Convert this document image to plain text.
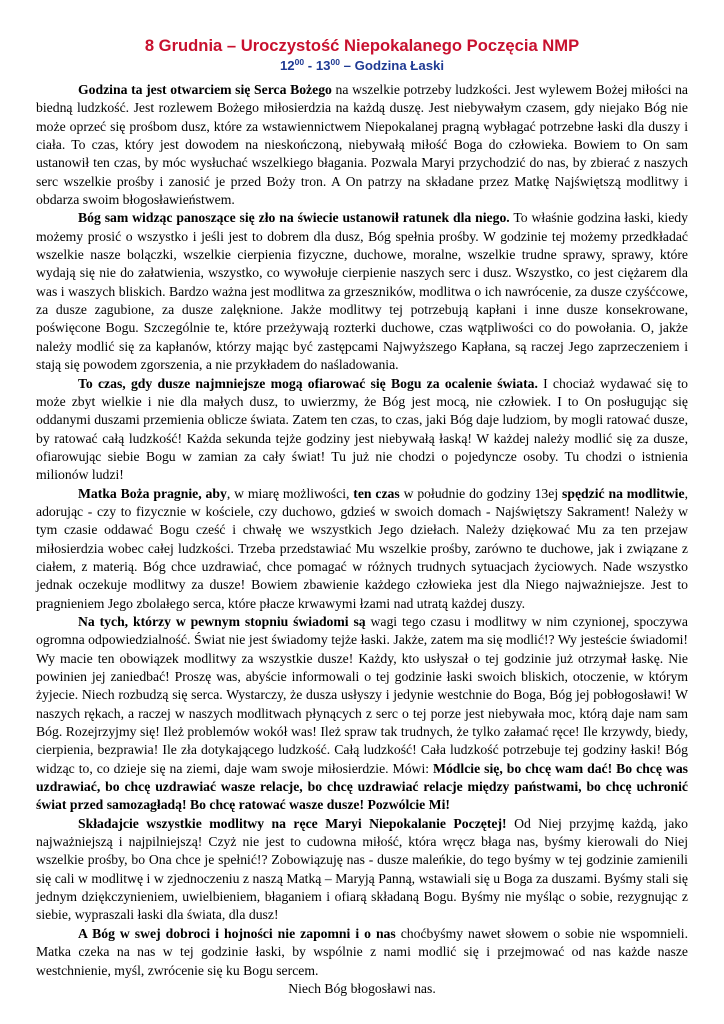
8 Grudnia – Uroczystość Niepokalanego Poczęcia NMP
$12^{00} - 13^{00}$ – Godzina Łaski

Godzina ta jest otwarciem się Serca Bożego na wszelkie potrzeby ludzkości. Jest wylewem Bożej miłości na biedną ludzkość. Jest rozlewem Bożego miłosierdzia na każdą duszę. Jest niebywałym czasem, gdy niejako Bóg nie może oprzeć się prośbom dusz, które za wstawiennictwem Niepokalanej pragną wybłagać potrzebne łaski dla duszy i ciała. To czas, który jest dowodem na nieskończoną, niebywałą miłość Boga do człowieka. Bowiem to On sam ustanowił ten czas, by móc wysłuchać wszelkiego błagania. Pozwala Maryi przychodzić do nas, by zbierać z naszych serc wszelkie prośby i zanosić je przed Boży tron. A On patrzy na składane przez Matkę Najświętszą modlitwy i obdarza swoim błogosławieństwem.

Bóg sam widząc panoszące się zło na świecie ustanowił ratunek dla niego. To właśnie godzina łaski, kiedy możemy prosić o wszystko i jeśli jest to dobrem dla dusz, Bóg spełnia prośby. W godzinie tej możemy przedkładać wszelkie nasze bolączki, wszelkie cierpienia fizyczne, duchowe, moralne, wszelkie trudne sprawy, sprawy, które wydają się nie do załatwienia, wszystko, co wywołuje cierpienie naszych serc i dusz. Wszystko, co jest ciężarem dla was i waszych bliskich. Bardzo ważna jest modlitwa za grzeszników, modlitwa o ich nawrócenie, za dusze czyśćcowe, za dusze zagubione, za dusze zalęknione. Jakże modlitwy tej potrzebują kapłani i inne dusze konsekrowane, poświęcone Bogu. Szczególnie te, które przeżywają rozterki duchowe, czas wątpliwości co do powołania. O, jakże należy modlić się za kapłanów, którzy mając być zastępcami Najwyższego Kapłana, są raczej Jego zaprzeczeniem i stają się powodem zgorszenia, a nie przykładem do naśladowania.

To czas, gdy dusze najmniejsze mogą ofiarować się Bogu za ocalenie świata. I chociaż wydawać się to może zbyt wielkie i nie dla małych dusz, to uwierzmy, że Bóg jest mocą, nie człowiek. I to On posługując się oddanymi duszami przemienia oblicze świata. Zatem ten czas, to czas, jaki Bóg daje ludziom, by mogli ratować dusze, by ratować całą ludzkość! Każda sekunda tejże godziny jest niebywałą łaską! W każdej należy modlić się za dusze, ofiarowując siebie Bogu w zamian za cały świat! Tu już nie chodzi o pojedyncze osoby. Tu chodzi o istnienia milionów ludzi!

Matka Boża pragnie, aby, w miarę możliwości, ten czas w południe do godziny 13ej spędzić na modlitwie, adorując - czy to fizycznie w kościele, czy duchowo, gdzieś w swoich domach - Najświętszy Sakrament! Należy w tym czasie oddawać Bogu cześć i chwałę we wszystkich Jego dziełach. Należy dziękować Mu za ten przejaw miłosierdzia wobec całej ludzkości. Trzeba przedstawiać Mu wszelkie prośby, zarówno te duchowe, jak i związane z ciałem, z materią. Bóg chce uzdrawiać, chce pomagać w różnych trudnych sytuacjach życiowych. Nade wszystko jednak oczekuje modlitwy za dusze! Bowiem zbawienie każdego człowieka jest dla Niego najważniejsze. Jest to pragnieniem Jego zbolałego serca, które płacze krwawymi łzami nad utratą każdej duszy.

Na tych, którzy w pewnym stopniu świadomi są wagi tego czasu i modlitwy w nim czynionej, spoczywa ogromna odpowiedzialność. Świat nie jest świadomy tejże łaski. Jakże, zatem ma się modlić!? Wy jesteście świadomi! Wy macie ten obowiązek modlitwy za wszystkie dusze! Każdy, kto usłyszał o tej godzinie już otrzymał łaskę. Nie powinien jej zaniedbać! Proszę was, abyście informowali o tej godzinie łaski swoich bliskich, otoczenie, w którym żyjecie. Niech rozbudzą się serca. Wystarczy, że dusza usłyszy i jedynie westchnie do Boga, Bóg jej pobłogosławi! W naszych rękach, a raczej w naszych modlitwach płynących z serc o tej porze jest niebywała moc, którą daje nam sam Bóg. Rozejrzyjmy się! Ileż problemów wokół was! Ileż spraw tak trudnych, że tylko załamać ręce! Ile krzywdy, biedy, cierpienia, bezprawia! Ile zła dotykającego ludzkość. Całą ludzkość! Cała ludzkość potrzebuje tej godziny łaski! Bóg widząc to, co dzieje się na ziemi, daje wam swoje miłosierdzie. Mówi: Módlcie się, bo chcę wam dać! Bo chcę was uzdrawiać, bo chcę uzdrawiać wasze relacje, bo chcę uzdrawiać relacje między państwami, bo chcę uchronić świat przed samozagładą! Bo chcę ratować wasze dusze! Pozwólcie Mi!

Składajcie wszystkie modlitwy na ręce Maryi Niepokalanie Poczętej! Od Niej przyjmę każdą, jako najważniejszą i najpilniejszą! Czyż nie jest to cudowna miłość, która wręcz błaga nas, byśmy kierowali do Niej wszelkie prośby, bo Ona chce je spełnić!? Zobowiązuję nas - dusze maleńkie, do tego byśmy w tej godzinie zamienili się cali w modlitwę i w zjednoczeniu z naszą Matką – Maryją Panną, wstawiali się u Boga za duszami. Byśmy stali się jednym dziękczynieniem, uwielbieniem, błaganiem i ofiarą składaną Bogu. Byśmy nie myśląc o sobie, rezygnując z siebie, wypraszali łaski dla świata, dla dusz!

A Bóg w swej dobroci i hojności nie zapomni i o nas choćbyśmy nawet słowem o sobie nie wspomnieli. Matka czeka na nas w tej godzinie łaski, by wspólnie z nami modlić się i przejmować od nas każde nasze westchnienie, myśl, zwrócenie się ku Bogu sercem.

Niech Bóg błogosławi nas.
